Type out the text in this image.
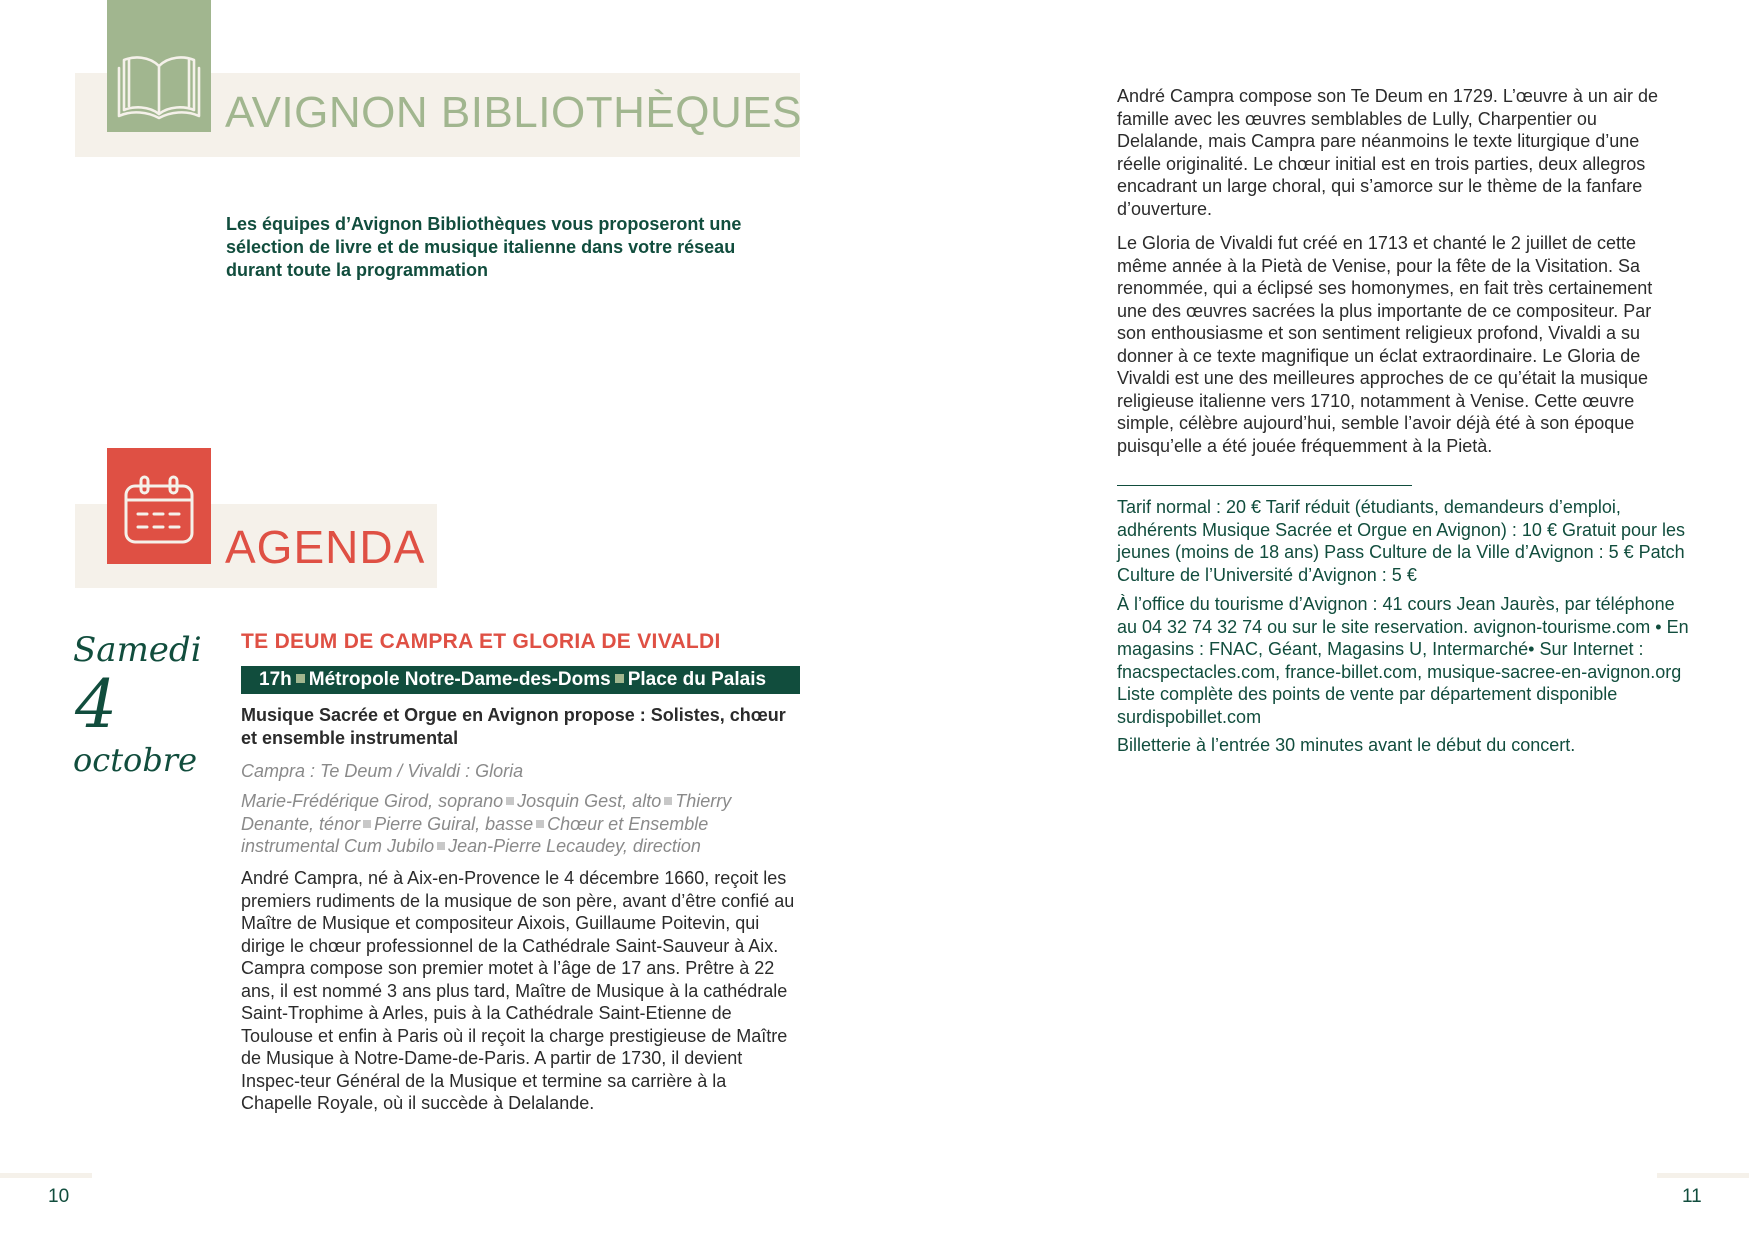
AVIGNON BIBLIOTHÈQUES
Les équipes d’Avignon Bibliothèques vous proposeront une sélection de livre et de musique italienne dans votre réseau durant toute la programmation
AGENDA
Samedi
4
octobre
TE DEUM DE CAMPRA ET GLORIA DE VIVALDI
17h Métropole Notre-Dame-des-Doms Place du Palais
Musique Sacrée et Orgue en Avignon propose : Solistes, chœur et ensemble instrumental
Campra : Te Deum / Vivaldi : Gloria
Marie-Frédérique Girod, soprano Josquin Gest, alto Thierry Denante, ténor Pierre Guiral, basse Chœur et Ensemble instrumental Cum Jubilo Jean-Pierre Lecaudey, direction
André Campra, né à Aix-en-Provence le 4 décembre 1660, reçoit les premiers rudiments de la musique de son père, avant d’être confié au Maître de Musique et compositeur Aixois, Guillaume Poitevin, qui dirige le chœur professionnel de la Cathédrale Saint-Sauveur à Aix. Campra compose son premier motet à l’âge de 17 ans. Prêtre à 22 ans, il est nommé 3 ans plus tard, Maître de Musique à la cathédrale Saint-Trophime à Arles, puis à la Cathédrale Saint-Etienne de Toulouse et enfin à Paris où il reçoit la charge prestigieuse de Maître de Musique à Notre-Dame-de-Paris. A partir de 1730, il devient Inspec-teur Général de la Musique et termine sa carrière à la Chapelle Royale, où il succède à Delalande.
André Campra compose son Te Deum en 1729. L’œuvre à un air de famille avec les œuvres semblables de Lully, Charpentier ou Delalande, mais Campra pare néanmoins le texte liturgique d’une réelle originalité. Le chœur initial est en trois parties, deux allegros encadrant un large choral, qui s’amorce sur le thème de la fanfare d’ouverture.
Le Gloria de Vivaldi fut créé en 1713 et chanté le 2 juillet de cette même année à la Pietà de Venise, pour la fête de la Visitation. Sa renommée, qui a éclipsé ses homonymes, en fait très certainement une des œuvres sacrées la plus importante de ce compositeur. Par son enthousiasme et son sentiment religieux profond, Vivaldi a su donner à ce texte magnifique un éclat extraordinaire. Le Gloria de Vivaldi est une des meilleures approches de ce qu’était la musique religieuse italienne vers 1710, notamment à Venise. Cette œuvre simple, célèbre aujourd’hui, semble l’avoir déjà été à son époque puisqu’elle a été jouée fréquemment à la Pietà.
Tarif normal : 20 € Tarif réduit (étudiants, demandeurs d’emploi, adhérents Musique Sacrée et Orgue en Avignon) : 10 € Gratuit pour les jeunes (moins de 18 ans) Pass Culture de la Ville d’Avignon : 5 € Patch Culture de l’Université d’Avignon : 5 €
À l’office du tourisme d’Avignon : 41 cours Jean Jaurès, par téléphone au 04 32 74 32 74 ou sur le site reservation. avignon-tourisme.com • En magasins : FNAC, Géant, Magasins U, Intermarché• Sur Internet : fnacspectacles.com, france-billet.com, musique-sacree-en-avignon.org Liste complète des points de vente par département disponible surdispobillet.com
Billetterie à l’entrée 30 minutes avant le début du concert.
10	11
